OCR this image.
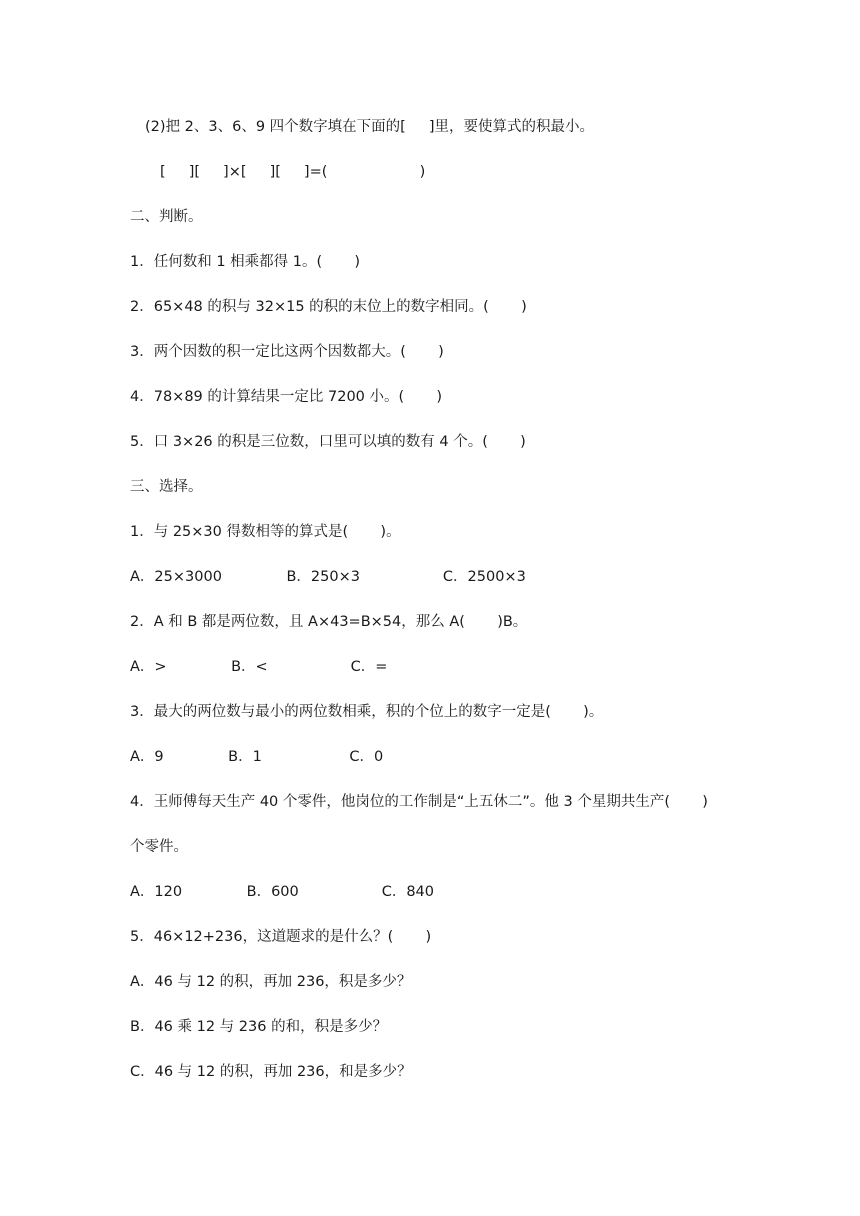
(2)把 2、3、6、9 四个数字填在下面的[     ]里，要使算式的积最小。
[     ][     ]×[     ][     ]=(                    )
二、判断。
1．任何数和 1 相乘都得 1。(       )
2．65×48 的积与 32×15 的积的末位上的数字相同。(       )
3．两个因数的积一定比这两个因数都大。(       )
4．78×89 的计算结果一定比 7200 小。(       )
5．口 3×26 的积是三位数，口里可以填的数有 4 个。(       )
三、选择。
1．与 25×30 得数相等的算式是(       )。
A．25×3000              B．250×3                  C．2500×3
2．A 和 B 都是两位数，且 A×43=B×54，那么 A(       )B。
A．>              B．<                  C．=
3．最大的两位数与最小的两位数相乘，积的个位上的数字一定是(       )。
A．9              B．1                   C．0
4．王师傅每天生产 40 个零件，他岗位的工作制是“上五休二”。他 3 个星期共生产(       )
个零件。
A．120              B．600                  C．840
5．46×12+236，这道题求的是什么？(       )
A．46 与 12 的积，再加 236，积是多少？
B．46 乘 12 与 236 的和，积是多少？
C．46 与 12 的积，再加 236，和是多少？
